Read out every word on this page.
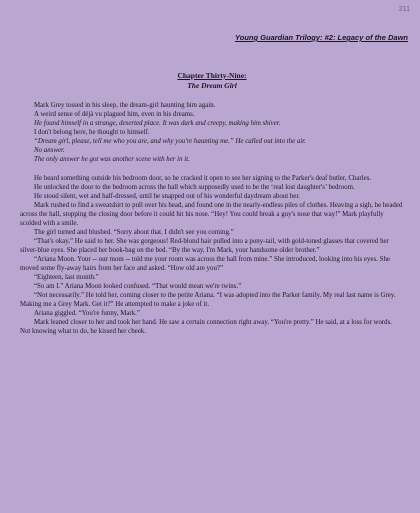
211
Young Guardian Trilogy: #2: Legacy of the Dawn
Chapter Thirty-Nine:
The Dream Girl

Mark Grey tossed in his sleep, the dream-girl haunting him again.

A weird sense of déjà vu plagued him, even in his dreams.

He found himself in a strange, deserted place. It was dark and creepy, making him shiver.

I don't belong here, he thought to himself.

“Dream girl, please, tell me who you are, and why you're haunting me.” He called out into the air.

No answer.

The only answer he got was another scene with her in it.

He heard something outside his bedroom door, so he cracked it open to see her signing to the Parker's deaf butler, Charles.

He unlocked the door to the bedroom across the hall which supposedly used to be the ‘real lost daughter's’ bedroom.

He stood silent, wet and half-dressed, until he snapped out of his wonderful daydream about her.

Mark rushed to find a sweatshirt to pull over his head, and found one in the nearly-endless piles of clothes. Heaving a sigh, he headed across the hall, stopping the closing door before it could hit his nose. “Hey! You could break a guy's nose that way!” Mark playfully scolded with a smile.

The girl turned and blushed. “Sorry about that. I didn't see you coming.”

“That's okay,” He said to her. She was gorgeous! Red-blond hair pulled into a pony-tail, with gold-toned glasses that covered her silver-blue eyes. She placed her book-bag on the bed. “By the way, I'm Mark, your handsome older brother.”

“Ariana Moon. Your -- our mom -- told me your room was across the hall from mine.” She introduced, looking into his eyes. She moved some fly-away hairs from her face and asked. “How old are you?”

“Eighteen, last month.”

“So am I.” Ariana Moon looked confused. “That would mean we're twins.”

“Not necessarily.” He told her, coming closer to the petite Ariana. “I was adopted into the Parker family. My real last name is Grey. Making me a Grey Mark. Get it?” He attempted to make a joke of it.

Ariana giggled. “You're funny, Mark.”

Mark leaned closer to her and took her hand. He saw a certain connection right away. “You're pretty.” He said, at a loss for words. Not knowing what to do, he kissed her cheek.
